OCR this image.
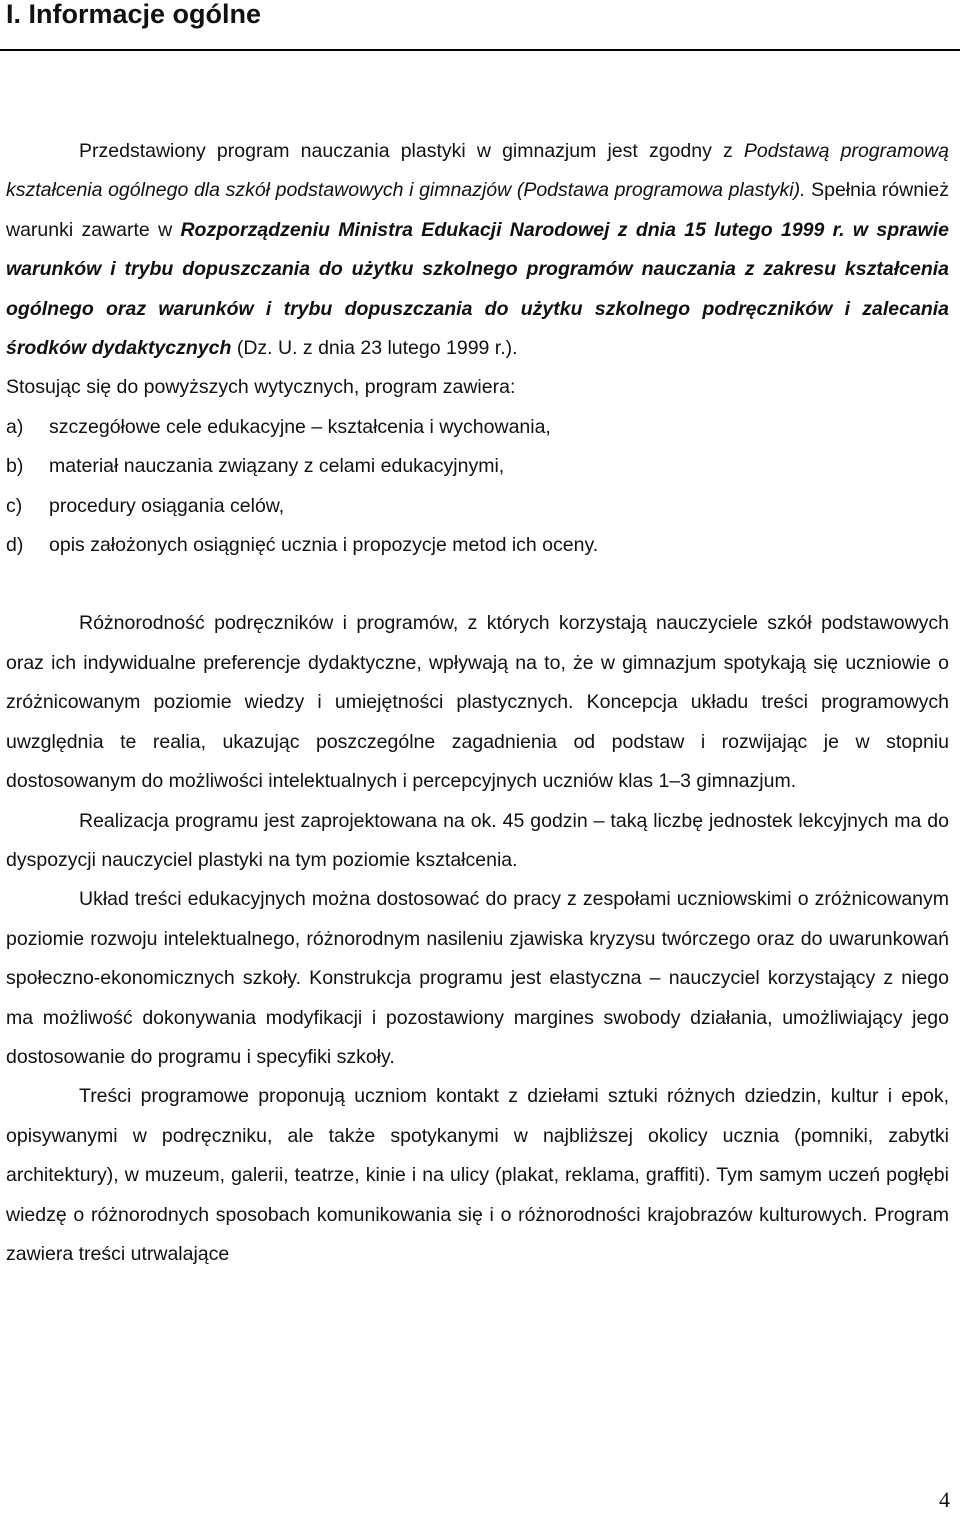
I. Informacje ogólne

Przedstawiony program nauczania plastyki w gimnazjum jest zgodny z Podstawą programową kształcenia ogólnego dla szkół podstawowych i gimnazjów (Podstawa programowa plastyki). Spełnia również warunki zawarte w Rozporządzeniu Ministra Edukacji Narodowej z dnia 15 lutego 1999 r. w sprawie warunków i trybu dopuszczania do użytku szkolnego programów nauczania z zakresu kształcenia ogólnego oraz warunków i trybu dopuszczania do użytku szkolnego podręczników i zalecania środków dydaktycznych (Dz. U. z dnia 23 lutego 1999 r.).

Stosując się do powyższych wytycznych, program zawiera:

a)	szczegółowe cele edukacyjne – kształcenia i wychowania,
b)	materiał nauczania związany z celami edukacyjnymi,
c)	procedury osiągania celów,
d)	opis założonych osiągnięć ucznia i propozycje metod ich oceny.

Różnorodność podręczników i programów, z których korzystają nauczyciele szkół podstawowych oraz ich indywidualne preferencje dydaktyczne, wpływają na to, że w gimnazjum spotykają się uczniowie o zróżnicowanym poziomie wiedzy i umiejętności plastycznych. Koncepcja układu treści programowych uwzględnia te realia, ukazując poszczególne zagadnienia od podstaw i rozwijając je w stopniu dostosowanym do możliwości intelektualnych i percepcyjnych uczniów klas 1–3 gimnazjum.

Realizacja programu jest zaprojektowana na ok. 45 godzin – taką liczbę jednostek lekcyjnych ma do dyspozycji nauczyciel plastyki na tym poziomie kształcenia.

Układ treści edukacyjnych można dostosować do pracy z zespołami uczniowskimi o zróżnicowanym poziomie rozwoju intelektualnego, różnorodnym nasileniu zjawiska kryzysu twórczego oraz do uwarunkowań społeczno-ekonomicznych szkoły. Konstrukcja programu jest elastyczna – nauczyciel korzystający z niego ma możliwość dokonywania modyfikacji i pozostawiony margines swobody działania, umożliwiający jego dostosowanie do programu i specyfiki szkoły.

Treści programowe proponują uczniom kontakt z dziełami sztuki różnych dziedzin, kultur i epok, opisywanymi w podręczniku, ale także spotykanymi w najbliższej okolicy ucznia (pomniki, zabytki architektury), w muzeum, galerii, teatrze, kinie i na ulicy (plakat, reklama, graffiti). Tym samym uczeń pogłębi wiedzę o różnorodnych sposobach komunikowania się i o różnorodności krajobrazów kulturowych. Program zawiera treści utrwalające

4
